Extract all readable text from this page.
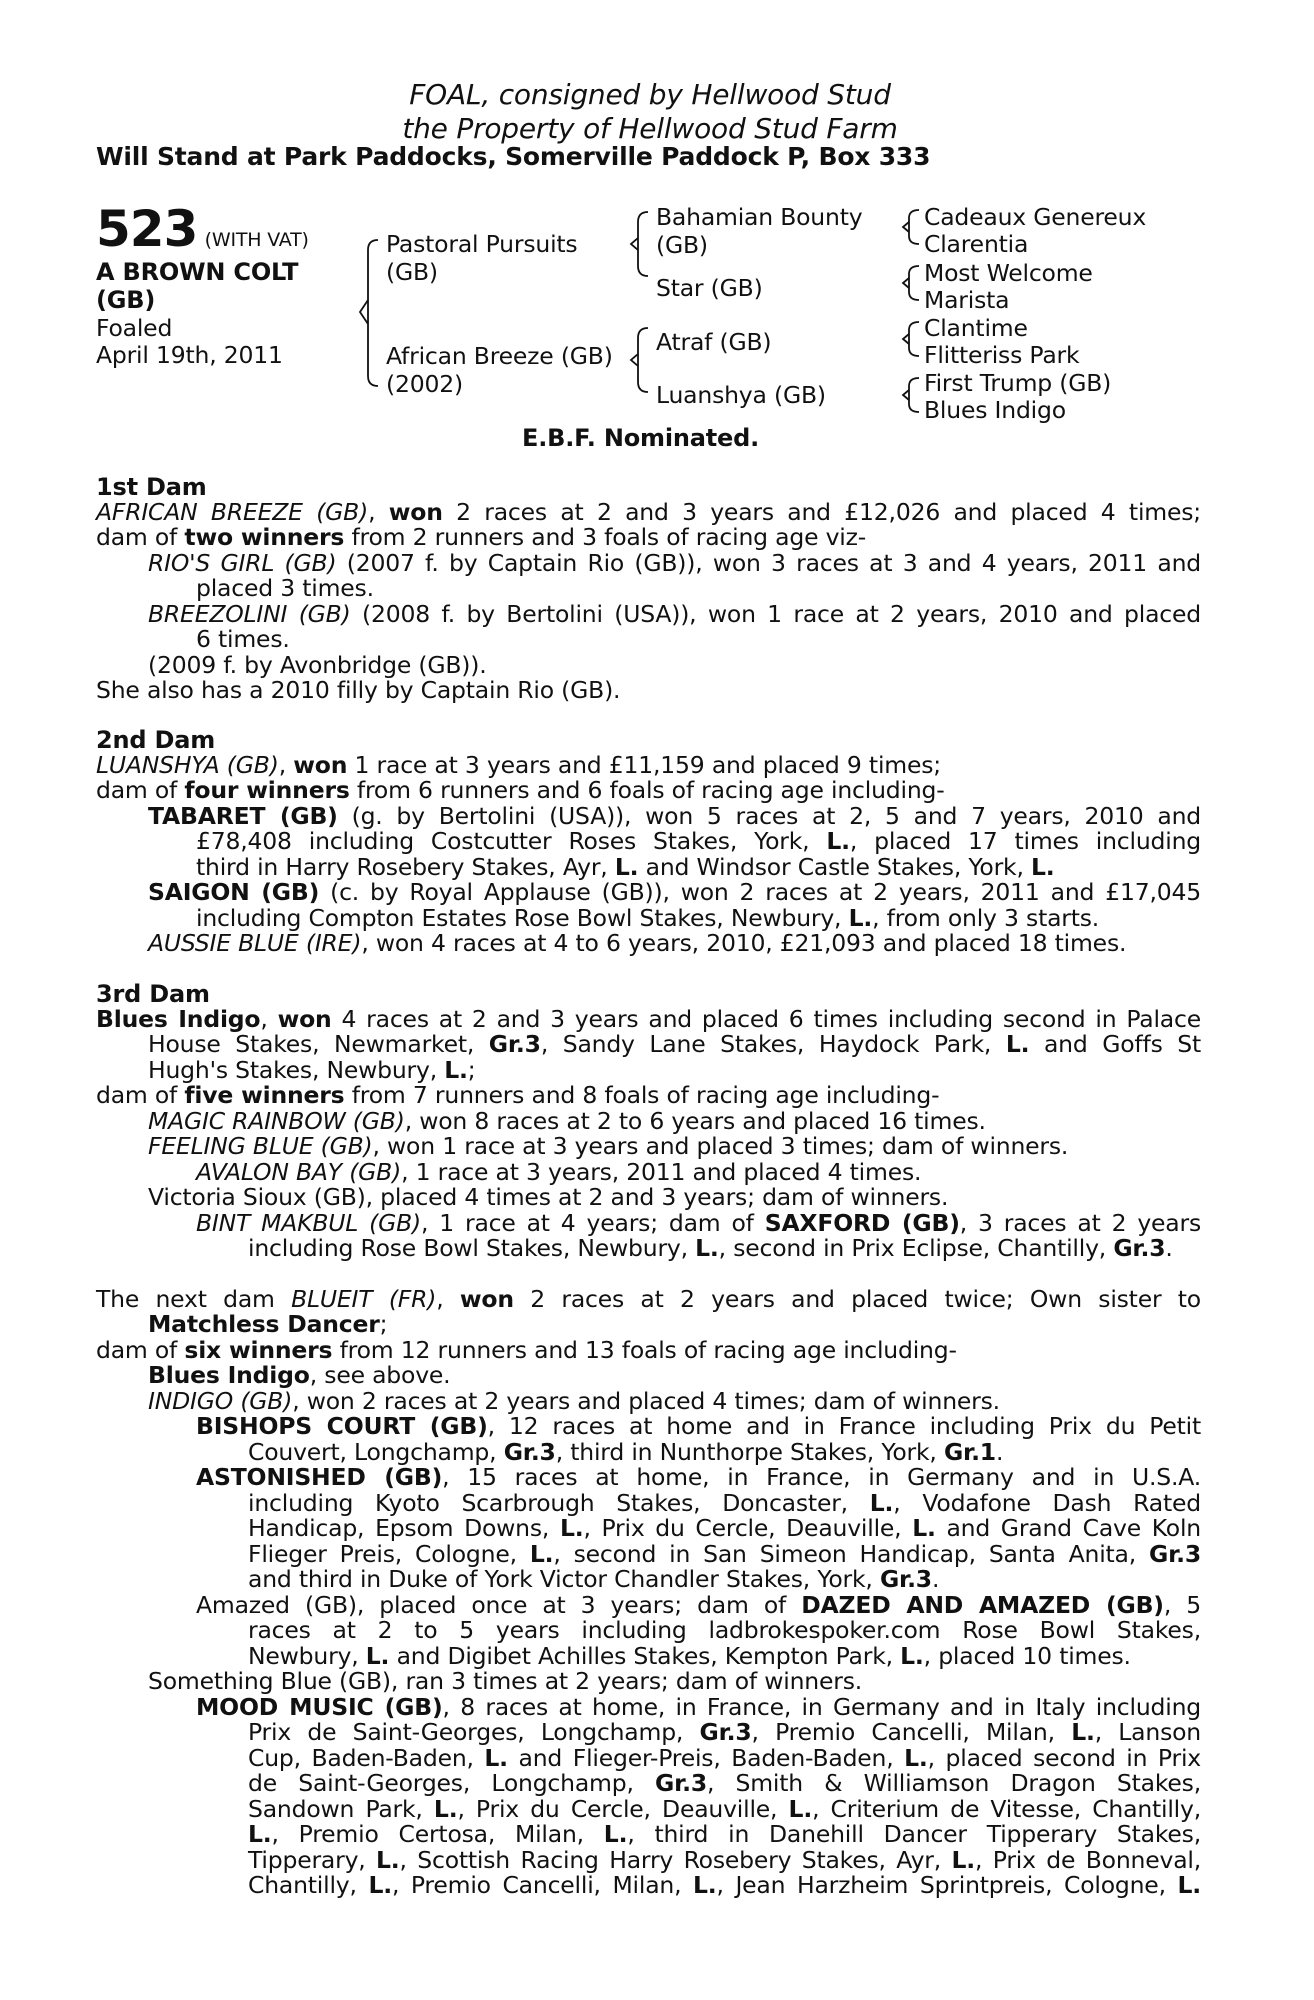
FOAL, consigned by Hellwood Stud
the Property of Hellwood Stud Farm
Will Stand at Park Paddocks, Somerville Paddock P, Box 333
523 (WITH VAT)
A BROWN COLT
(GB)
Foaled
April 19th, 2011
Pastoral Pursuits
(GB)
African Breeze (GB)
(2002)
Bahamian Bounty
(GB)
Star (GB)
Atraf (GB)
Luanshya (GB)
Cadeaux Genereux
Clarentia
Most Welcome
Marista
Clantime
Flitteriss Park
First Trump (GB)
Blues Indigo
E.B.F. Nominated.
1st Dam
AFRICAN BREEZE (GB), won 2 races at 2 and 3 years and £12,026 and placed 4 times;
dam of two winners from 2 runners and 3 foals of racing age viz-
RIO'S GIRL (GB) (2007 f. by Captain Rio (GB)), won 3 races at 3 and 4 years, 2011 and
placed 3 times.
BREEZOLINI (GB) (2008 f. by Bertolini (USA)), won 1 race at 2 years, 2010 and placed
6 times.
(2009 f. by Avonbridge (GB)).
She also has a 2010 filly by Captain Rio (GB).
2nd Dam
LUANSHYA (GB), won 1 race at 3 years and £11,159 and placed 9 times;
dam of four winners from 6 runners and 6 foals of racing age including-
TABARET (GB) (g. by Bertolini (USA)), won 5 races at 2, 5 and 7 years, 2010 and
£78,408 including Costcutter Roses Stakes, York, L., placed 17 times including
third in Harry Rosebery Stakes, Ayr, L. and Windsor Castle Stakes, York, L.
SAIGON (GB) (c. by Royal Applause (GB)), won 2 races at 2 years, 2011 and £17,045
including Compton Estates Rose Bowl Stakes, Newbury, L., from only 3 starts.
AUSSIE BLUE (IRE), won 4 races at 4 to 6 years, 2010, £21,093 and placed 18 times.
3rd Dam
Blues Indigo, won 4 races at 2 and 3 years and placed 6 times including second in Palace
House Stakes, Newmarket, Gr.3, Sandy Lane Stakes, Haydock Park, L. and Goffs St
Hugh's Stakes, Newbury, L.;
dam of five winners from 7 runners and 8 foals of racing age including-
MAGIC RAINBOW (GB), won 8 races at 2 to 6 years and placed 16 times.
FEELING BLUE (GB), won 1 race at 3 years and placed 3 times; dam of winners.
AVALON BAY (GB), 1 race at 3 years, 2011 and placed 4 times.
Victoria Sioux (GB), placed 4 times at 2 and 3 years; dam of winners.
BINT MAKBUL (GB), 1 race at 4 years; dam of SAXFORD (GB), 3 races at 2 years
including Rose Bowl Stakes, Newbury, L., second in Prix Eclipse, Chantilly, Gr.3.
The next dam BLUEIT (FR), won 2 races at 2 years and placed twice; Own sister to
Matchless Dancer;
dam of six winners from 12 runners and 13 foals of racing age including-
Blues Indigo, see above.
INDIGO (GB), won 2 races at 2 years and placed 4 times; dam of winners.
BISHOPS COURT (GB), 12 races at home and in France including Prix du Petit
Couvert, Longchamp, Gr.3, third in Nunthorpe Stakes, York, Gr.1.
ASTONISHED (GB), 15 races at home, in France, in Germany and in U.S.A.
including Kyoto Scarbrough Stakes, Doncaster, L., Vodafone Dash Rated
Handicap, Epsom Downs, L., Prix du Cercle, Deauville, L. and Grand Cave Koln
Flieger Preis, Cologne, L., second in San Simeon Handicap, Santa Anita, Gr.3
and third in Duke of York Victor Chandler Stakes, York, Gr.3.
Amazed (GB), placed once at 3 years; dam of DAZED AND AMAZED (GB), 5
races at 2 to 5 years including ladbrokespoker.com Rose Bowl Stakes,
Newbury, L. and Digibet Achilles Stakes, Kempton Park, L., placed 10 times.
Something Blue (GB), ran 3 times at 2 years; dam of winners.
MOOD MUSIC (GB), 8 races at home, in France, in Germany and in Italy including
Prix de Saint-Georges, Longchamp, Gr.3, Premio Cancelli, Milan, L., Lanson
Cup, Baden-Baden, L. and Flieger-Preis, Baden-Baden, L., placed second in Prix
de Saint-Georges, Longchamp, Gr.3, Smith & Williamson Dragon Stakes,
Sandown Park, L., Prix du Cercle, Deauville, L., Criterium de Vitesse, Chantilly,
L., Premio Certosa, Milan, L., third in Danehill Dancer Tipperary Stakes,
Tipperary, L., Scottish Racing Harry Rosebery Stakes, Ayr, L., Prix de Bonneval,
Chantilly, L., Premio Cancelli, Milan, L., Jean Harzheim Sprintpreis, Cologne, L.
